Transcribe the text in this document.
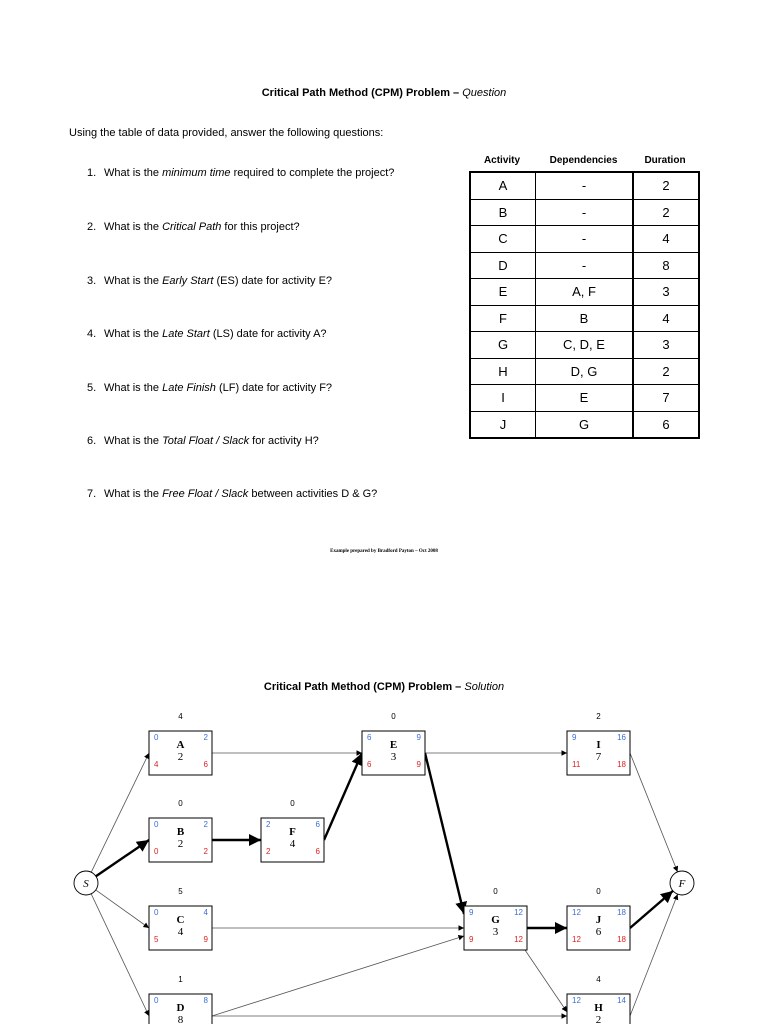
Critical Path Method (CPM) Problem – Question
Using the table of data provided, answer the following questions:
1. What is the minimum time required to complete the project?
2. What is the Critical Path for this project?
3. What is the Early Start (ES) date for activity E?
4. What is the Late Start (LS) date for activity A?
5. What is the Late Finish (LF) date for activity F?
6. What is the Total Float / Slack for activity H?
7. What is the Free Float / Slack between activities D & G?
Activity	Dependencies	Duration
A	-	2
B	-	2
C	-	4
D	-	8
E	A, F	3
F	B	4
G	C, D, E	3
H	D, G	2
I	E	7
J	G	6
Example prepared by Bradford Payton – Oct 2008
Critical Path Method (CPM) Problem – Solution
S	F
4
A
2
0	2
4	6
0
B
2
0	2
0	2
5
C
4
0	4
5	9
1
D
8
0	8
0
F
4
2	6
2	6
0
E
3
6	9
6	9
0
G
3
9	12
9	12
2
I
7
9	16
11	18
0
J
6
12	18
12	18
4
H
2
12	14
